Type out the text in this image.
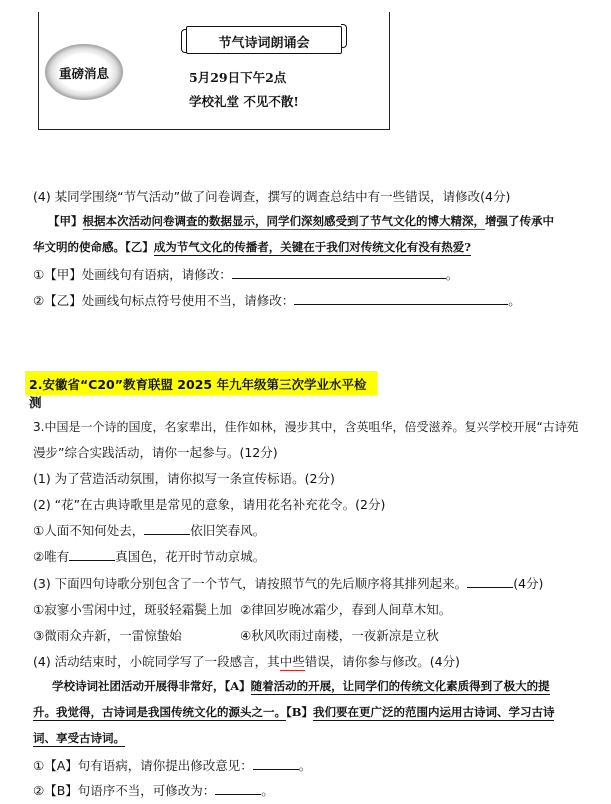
节气诗词朗诵会
重磅消息	5月29日下午2点
学校礼堂 不见不散!
(4) 某同学围绕“节气活动”做了问卷调查，撰写的调查总结中有一些错误，请修改(4分)
【甲】根据本次活动问卷调查的数据显示，同学们深刻感受到了节气文化的博大精深，增强了传承中
华文明的使命感。【乙】成为节气文化的传播者，关键在于我们对传统文化有没有热爱?
①【甲】处画线句有语病，请修改：	。
②【乙】处画线句标点符号使用不当，请修改：	。
2.安徽省“C20”教育联盟 2025 年九年级第三次学业水平检测
3.中国是一个诗的国度，名家辈出，佳作如林，漫步其中，含英咀华，倍受滋养。复兴学校开展“古诗苑
漫步”综合实践活动，请你一起参与。(12分)
(1) 为了营造活动氛围，请你拟写一条宣传标语。(2分)
(2) “花”在古典诗歌里是常见的意象，请用花名补充花令。(2分)
①人面不知何处去，	依旧笑春风。
②唯有	真国色，花开时节动京城。
(3) 下面四句诗歌分别包含了一个节气，请按照节气的先后顺序将其排列起来。	(4分)
①寂寥小雪闲中过，斑驳轻霜鬓上加 ②律回岁晚冰霜少，春到人间草木知。
③微雨众卉新，一雷惊蛰始	④秋风吹雨过南楼，一夜新凉是立秋
(4) 活动结束时，小皖同学写了一段感言，其中些错误，请你参与修改。(4分)
学校诗词社团活动开展得非常好，【A】随着活动的开展，让同学们的传统文化素质得到了极大的提
升。我觉得，古诗词是我国传统文化的源头之一。【B】我们要在更广泛的范围内运用古诗词、学习古诗
词、享受古诗词。
①【A】句有语病，请你提出修改意见：	。
②【B】句语序不当，可修改为：	。
